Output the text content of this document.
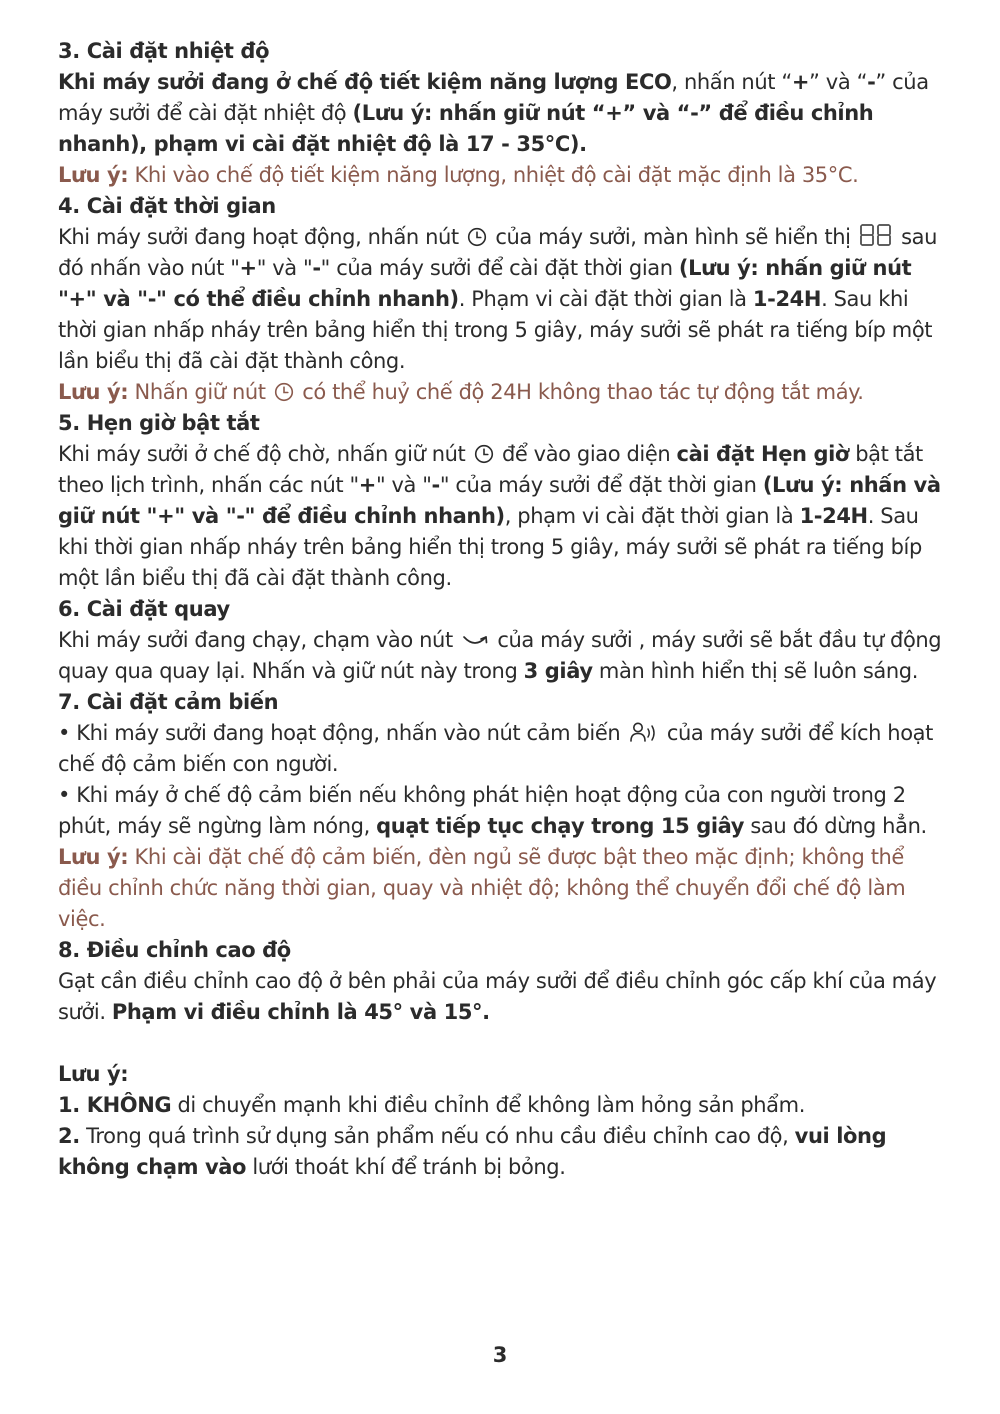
3. Cài đặt nhiệt độ

Khi máy sưởi đang ở chế độ tiết kiệm năng lượng ECO, nhấn nút “+” và “-” của máy sưởi để cài đặt nhiệt độ (Lưu ý: nhấn giữ nút “+” và “-” để điều chỉnh nhanh), phạm vi cài đặt nhiệt độ là 17 - 35°C).

Lưu ý: Khi vào chế độ tiết kiệm năng lượng, nhiệt độ cài đặt mặc định là 35°C.

4. Cài đặt thời gian

Khi máy sưởi đang hoạt động, nhấn nút  của máy sưởi, màn hình sẽ hiển thị  sau đó nhấn vào nút "+" và "-" của máy sưởi để cài đặt thời gian (Lưu ý: nhấn giữ nút "+" và "-" có thể điều chỉnh nhanh). Phạm vi cài đặt thời gian là 1-24H. Sau khi thời gian nhấp nháy trên bảng hiển thị trong 5 giây, máy sưởi sẽ phát ra tiếng bíp một lần biểu thị đã cài đặt thành công.

Lưu ý: Nhấn giữ nút  có thể huỷ chế độ 24H không thao tác tự động tắt máy.

5. Hẹn giờ bật tắt

Khi máy sưởi ở chế độ chờ, nhấn giữ nút  để vào giao diện cài đặt Hẹn giờ bật tắt theo lịch trình, nhấn các nút "+" và "-" của máy sưởi để đặt thời gian (Lưu ý: nhấn và giữ nút "+" và "-" để điều chỉnh nhanh), phạm vi cài đặt thời gian là 1-24H. Sau khi thời gian nhấp nháy trên bảng hiển thị trong 5 giây, máy sưởi sẽ phát ra tiếng bíp một lần biểu thị đã cài đặt thành công.

6. Cài đặt quay

Khi máy sưởi đang chạy, chạm vào nút  của máy sưởi , máy sưởi sẽ bắt đầu tự động quay qua quay lại. Nhấn và giữ nút này trong 3 giây màn hình hiển thị sẽ luôn sáng.

7. Cài đặt cảm biến

• Khi máy sưởi đang hoạt động, nhấn vào nút cảm biến  của máy sưởi để kích hoạt chế độ cảm biến con người.

• Khi máy ở chế độ cảm biến nếu không phát hiện hoạt động của con người trong 2 phút, máy sẽ ngừng làm nóng, quạt tiếp tục chạy trong 15 giây sau đó dừng hẳn.

Lưu ý: Khi cài đặt chế độ cảm biến, đèn ngủ sẽ được bật theo mặc định; không thể điều chỉnh chức năng thời gian, quay và nhiệt độ; không thể chuyển đổi chế độ làm việc.

8. Điều chỉnh cao độ

Gạt cần điều chỉnh cao độ ở bên phải của máy sưởi để điều chỉnh góc cấp khí của máy sưởi. Phạm vi điều chỉnh là 45° và 15°.

Lưu ý:

1. KHÔNG di chuyển mạnh khi điều chỉnh để không làm hỏng sản phẩm.

2. Trong quá trình sử dụng sản phẩm nếu có nhu cầu điều chỉnh cao độ, vui lòng không chạm vào lưới thoát khí để tránh bị bỏng.

3
